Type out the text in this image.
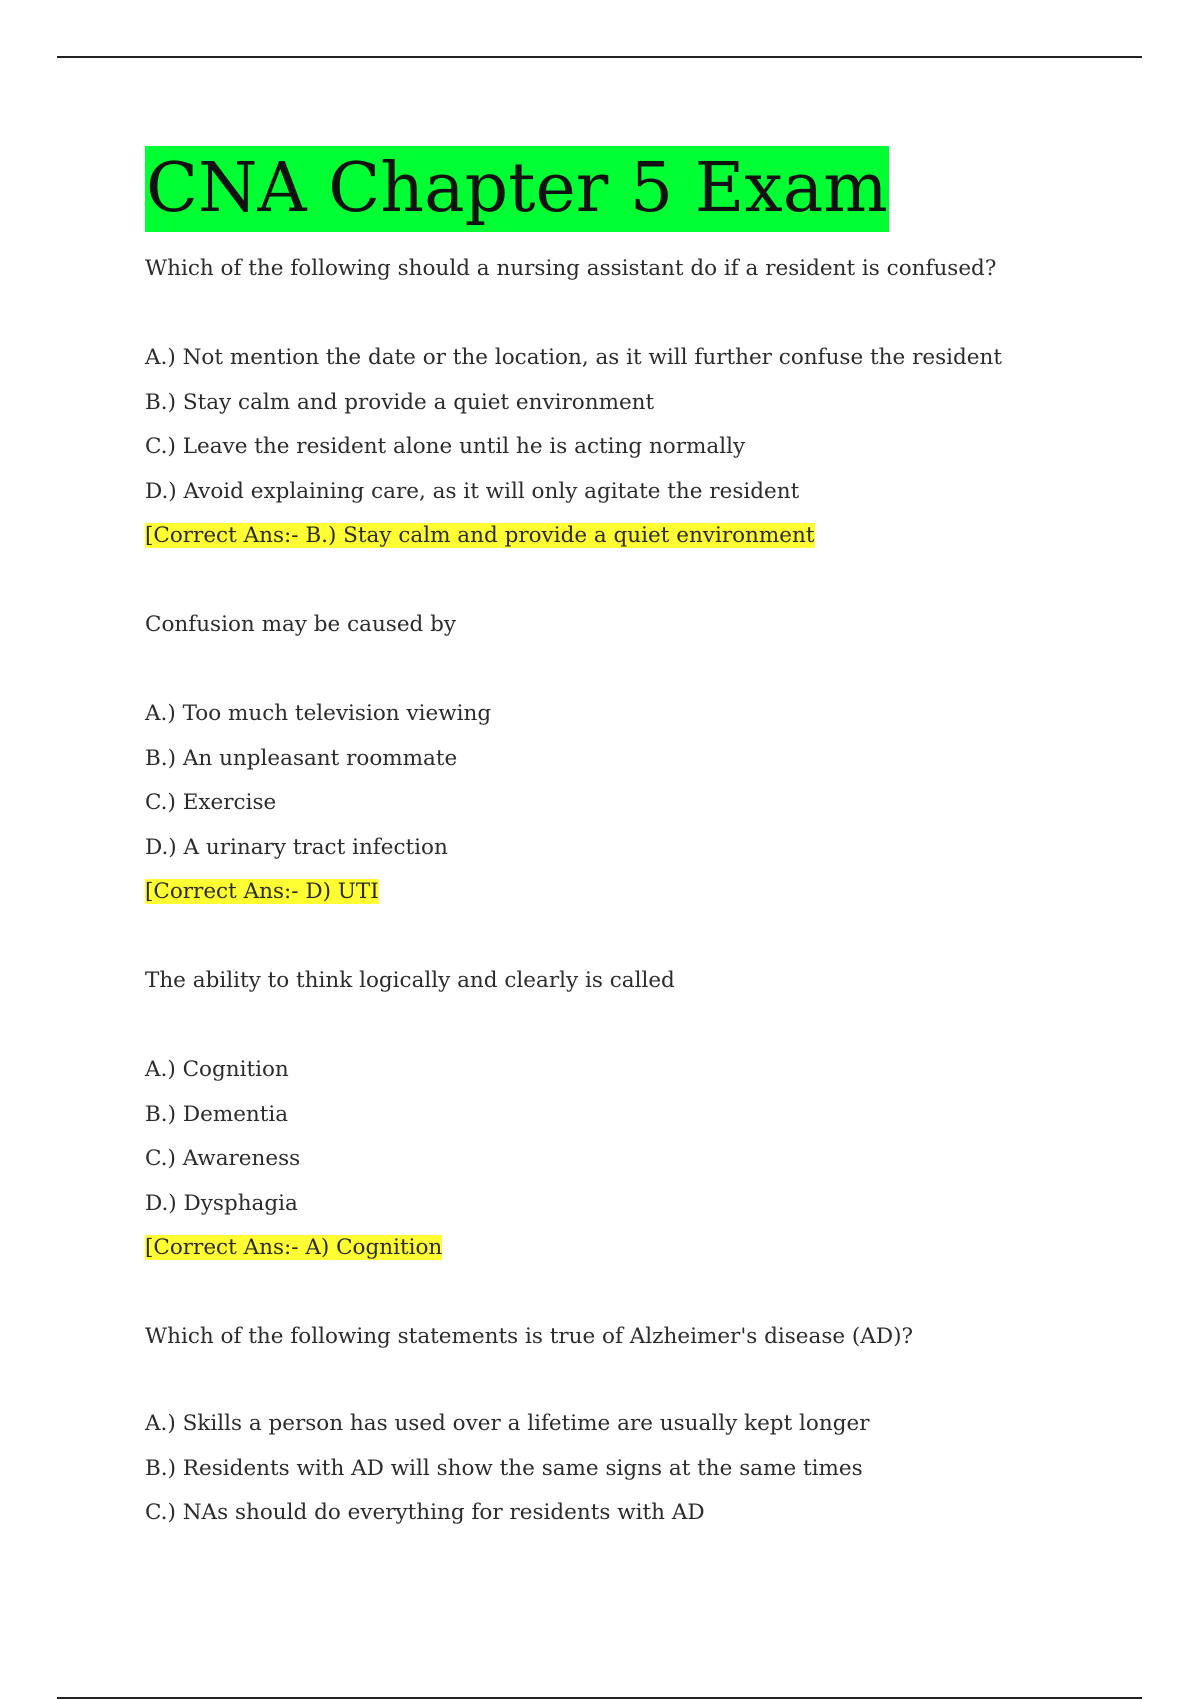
CNA Chapter 5 Exam
Which of the following should a nursing assistant do if a resident is confused?
A.) Not mention the date or the location, as it will further confuse the resident
B.) Stay calm and provide a quiet environment
C.) Leave the resident alone until he is acting normally
D.) Avoid explaining care, as it will only agitate the resident
[Correct Ans:- B.) Stay calm and provide a quiet environment
Confusion may be caused by
A.) Too much television viewing
B.) An unpleasant roommate
C.) Exercise
D.) A urinary tract infection
[Correct Ans:- D) UTI
The ability to think logically and clearly is called
A.) Cognition
B.) Dementia
C.) Awareness
D.) Dysphagia
[Correct Ans:- A) Cognition
Which of the following statements is true of Alzheimer's disease (AD)?
A.) Skills a person has used over a lifetime are usually kept longer
B.) Residents with AD will show the same signs at the same times
C.) NAs should do everything for residents with AD
